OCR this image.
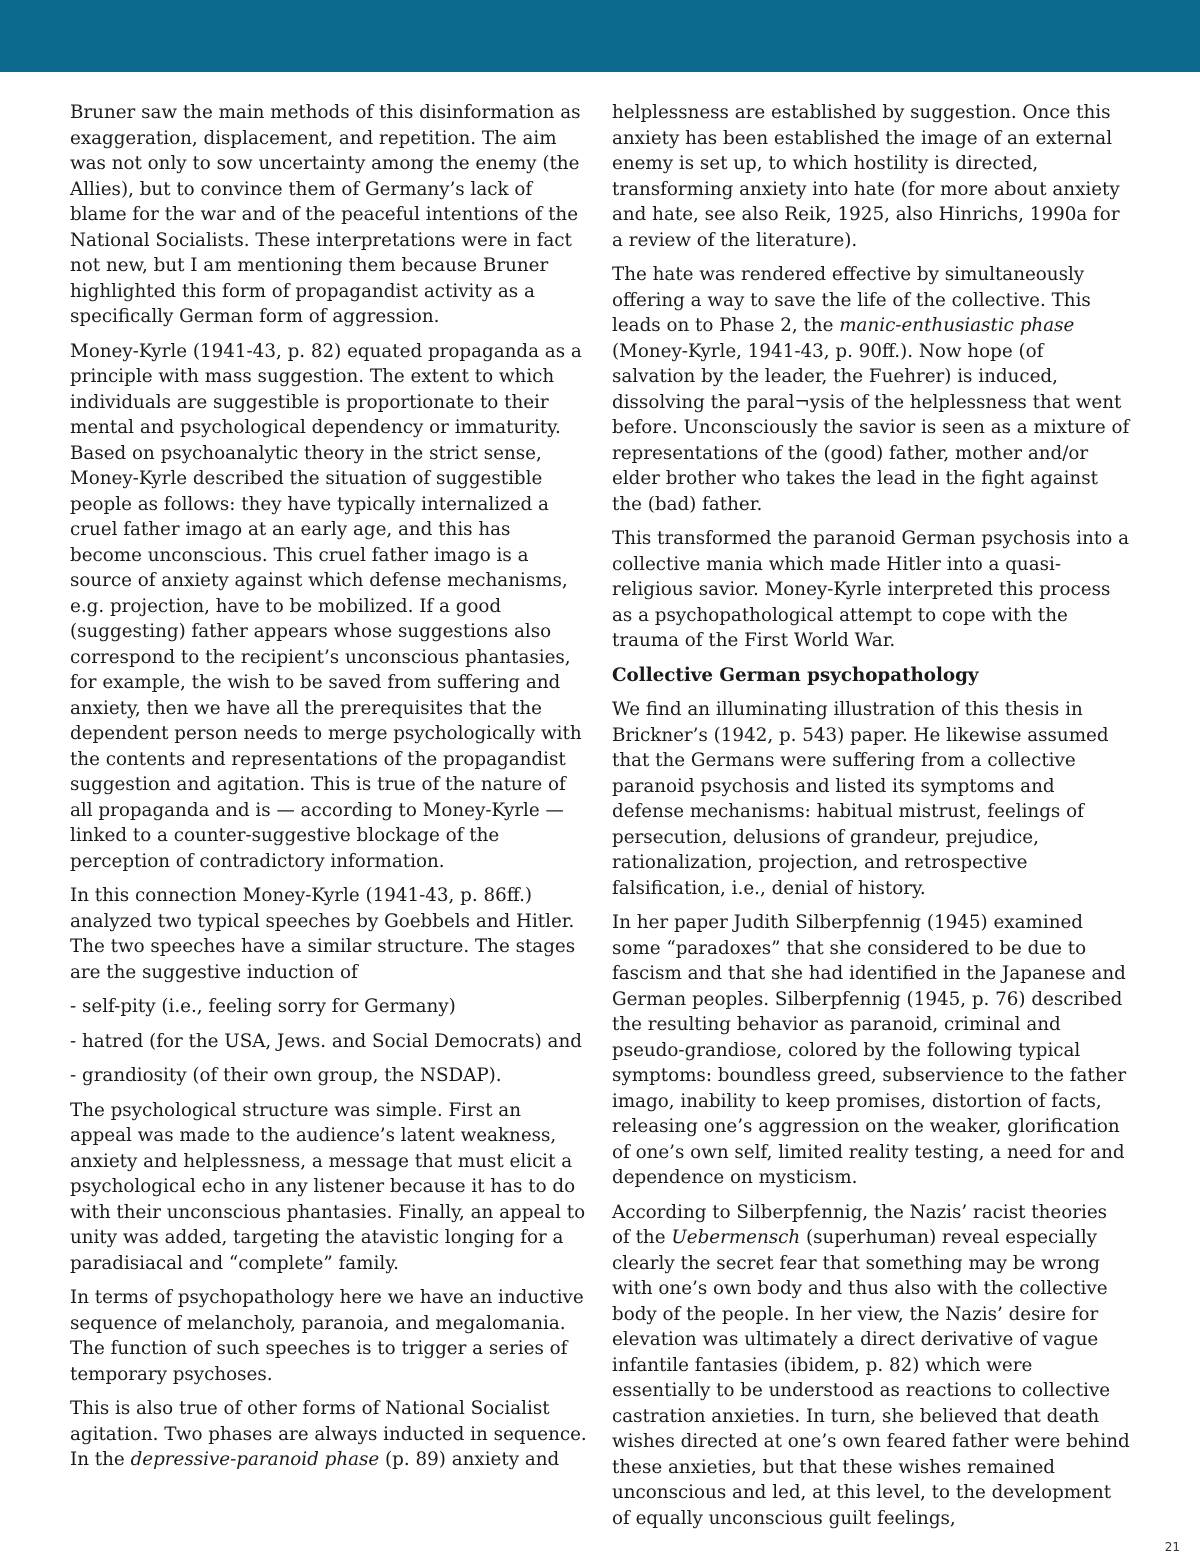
Bruner saw the main methods of this disinformation as exaggeration, displacement, and repetition. The aim was not only to sow uncertainty among the enemy (the Allies), but to convince them of Germany’s lack of blame for the war and of the peaceful intentions of the National Socialists. These interpretations were in fact not new, but I am mentioning them because Bruner highlighted this form of propagandist activity as a specifically German form of aggression.

Money-Kyrle (1941-43, p. 82) equated propaganda as a principle with mass suggestion. The extent to which individuals are suggestible is proportionate to their mental and psychological dependency or immaturity. Based on psychoanalytic theory in the strict sense, Money-Kyrle described the situation of suggestible people as follows: they have typically internalized a cruel father imago at an early age, and this has become unconscious. This cruel father imago is a source of anxiety against which defense mechanisms, e.g. projection, have to be mobilized. If a good (suggesting) father appears whose suggestions also correspond to the recipient’s unconscious phantasies, for example, the wish to be saved from suffering and anxiety, then we have all the prerequisites that the dependent person needs to merge psychologically with the contents and representations of the propagandist suggestion and agitation. This is true of the nature of all propaganda and is — according to Money-Kyrle — linked to a counter-suggestive blockage of the perception of contradictory information.

In this connection Money-Kyrle (1941-43, p. 86ff.) analyzed two typical speeches by Goebbels and Hitler. The two speeches have a similar structure. The stages are the suggestive induction of

- self-pity (i.e., feeling sorry for Germany)

- hatred (for the USA, Jews. and Social Democrats) and

- grandiosity (of their own group, the NSDAP).

The psychological structure was simple. First an appeal was made to the audience’s latent weakness, anxiety and helplessness, a message that must elicit a psychological echo in any listener because it has to do with their unconscious phantasies. Finally, an appeal to unity was added, targeting the atavistic longing for a paradisiacal and “complete” family.

In terms of psychopathology here we have an inductive sequence of melancholy, paranoia, and megalomania. The function of such speeches is to trigger a series of temporary psychoses.

This is also true of other forms of National Socialist agitation. Two phases are always inducted in sequence. In the depressive-paranoid phase (p. 89) anxiety and

helplessness are established by suggestion. Once this anxiety has been established the image of an external enemy is set up, to which hostility is directed, transforming anxiety into hate (for more about anxiety and hate, see also Reik, 1925, also Hinrichs, 1990a for a review of the literature).

The hate was rendered effective by simultaneously offering a way to save the life of the collective. This leads on to Phase 2, the manic-enthusiastic phase (Money-Kyrle, 1941-43, p. 90ff.). Now hope (of salvation by the leader, the Fuehrer) is induced, dissolving the paral¬ysis of the helplessness that went before. Unconsciously the savior is seen as a mixture of representations of the (good) father, mother and/or elder brother who takes the lead in the fight against the (bad) father.

This transformed the paranoid German psychosis into a collective mania which made Hitler into a quasi-religious savior. Money-Kyrle interpreted this process as a psychopathological attempt to cope with the trauma of the First World War.

Collective German psychopathology

We find an illuminating illustration of this thesis in Brickner’s (1942, p. 543) paper. He likewise assumed that the Germans were suffering from a collective paranoid psychosis and listed its symptoms and defense mechanisms: habitual mistrust, feelings of persecution, delusions of grandeur, prejudice, rationalization, projection, and retrospective falsification, i.e., denial of history.

In her paper Judith Silberpfennig (1945) examined some “paradoxes” that she considered to be due to fascism and that she had identified in the Japanese and German peoples. Silberpfennig (1945, p. 76) described the resulting behavior as paranoid, criminal and pseudo-grandiose, colored by the following typical symptoms: boundless greed, subservience to the father imago, inability to keep promises, distortion of facts, releasing one’s aggression on the weaker, glorification of one’s own self, limited reality testing, a need for and dependence on mysticism.

According to Silberpfennig, the Nazis’ racist theories of the Uebermensch (superhuman) reveal especially clearly the secret fear that something may be wrong with one’s own body and thus also with the collective body of the people. In her view, the Nazis’ desire for elevation was ultimately a direct derivative of vague infantile fantasies (ibidem, p. 82) which were essentially to be understood as reactions to collective castration anxieties. In turn, she believed that death wishes directed at one’s own feared father were behind these anxieties, but that these wishes remained unconscious and led, at this level, to the development of equally unconscious guilt feelings,

21
